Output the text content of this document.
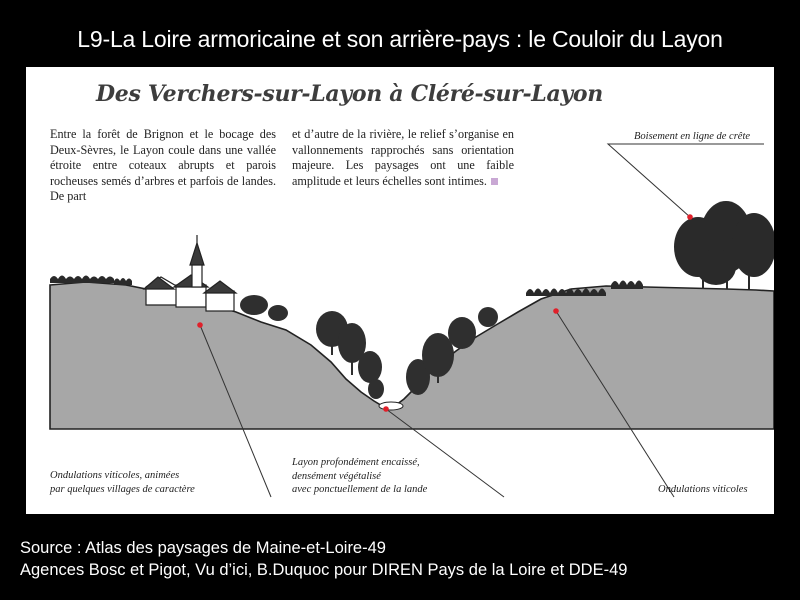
L9-La Loire armoricaine et son arrière-pays : le Couloir du Layon
Des Verchers-sur-Layon à Cléré-sur-Layon
Entre la forêt de Brignon et le bocage des Deux-Sèvres, le Layon coule dans une vallée étroite entre coteaux abrupts et parois rocheuses semés d’arbres et parfois de landes. De part
et d’autre de la rivière, le relief s’organise en vallonnements rapprochés sans orientation majeure. Les paysages ont une faible amplitude et leurs échelles sont intimes.
Boisement en ligne de crête
Ondulations viticoles, animées
par quelques villages de caractère
Layon profondément encaissé,
densément végétalisé
avec ponctuellement de la lande	Ondulations viticoles
Source : Atlas des paysages de Maine-et-Loire-49
Agences Bosc et Pigot, Vu d’ici, B.Duquoc pour DIREN Pays de la Loire et DDE-49
